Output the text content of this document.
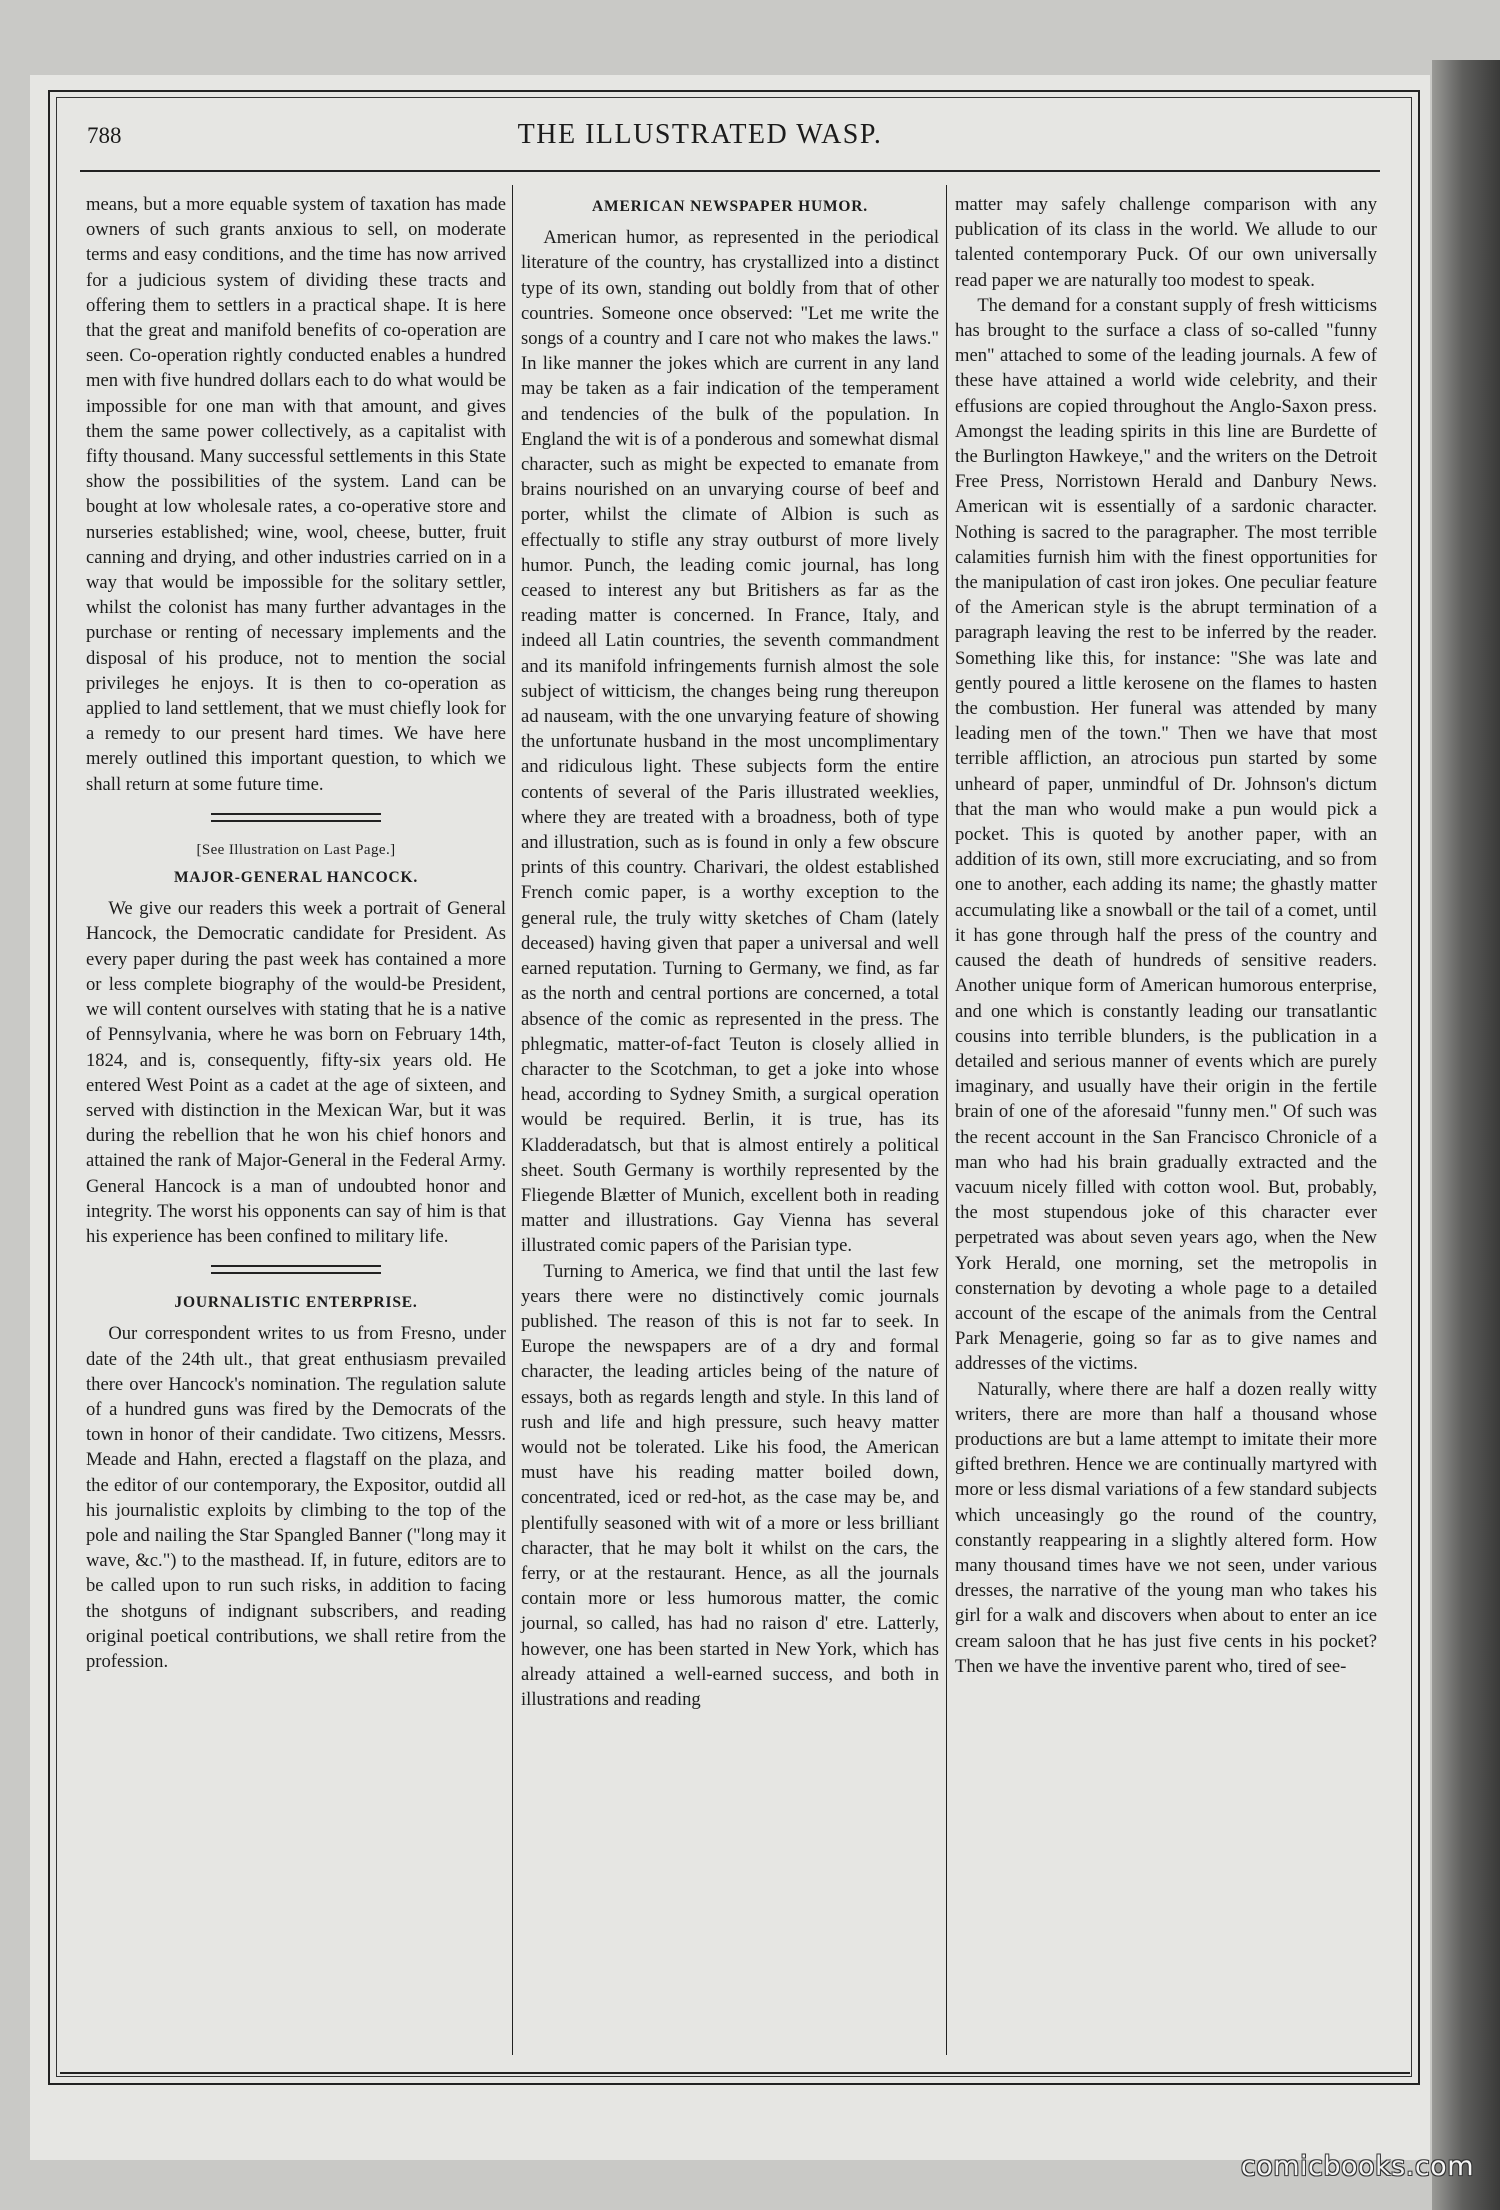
788	THE ILLUSTRATED WASP.

means, but a more equable system of taxation has made owners of such grants anxious to sell, on moderate terms and easy conditions, and the time has now arrived for a judicious system of dividing these tracts and offering them to settlers in a practical shape. It is here that the great and manifold benefits of co-operation are seen. Co-operation rightly conducted enables a hundred men with five hundred dollars each to do what would be impossible for one man with that amount, and gives them the same power collectively, as a capitalist with fifty thousand. Many successful settlements in this State show the possibilities of the system. Land can be bought at low wholesale rates, a co-operative store and nurseries established; wine, wool, cheese, butter, fruit canning and drying, and other industries carried on in a way that would be impossible for the solitary settler, whilst the colonist has many further advantages in the purchase or renting of necessary implements and the disposal of his produce, not to mention the social privileges he enjoys. It is then to co-operation as applied to land settlement, that we must chiefly look for a remedy to our present hard times. We have here merely outlined this important question, to which we shall return at some future time.

[See Illustration on Last Page.]
MAJOR-GENERAL HANCOCK.

We give our readers this week a portrait of General Hancock, the Democratic candidate for President. As every paper during the past week has contained a more or less complete biography of the would-be President, we will content ourselves with stating that he is a native of Pennsylvania, where he was born on February 14th, 1824, and is, consequently, fifty-six years old. He entered West Point as a cadet at the age of sixteen, and served with distinction in the Mexican War, but it was during the rebellion that he won his chief honors and attained the rank of Major-General in the Federal Army. General Hancock is a man of undoubted honor and integrity. The worst his opponents can say of him is that his experience has been confined to military life.

JOURNALISTIC ENTERPRISE.

Our correspondent writes to us from Fresno, under date of the 24th ult., that great enthusiasm prevailed there over Hancock's nomination. The regulation salute of a hundred guns was fired by the Democrats of the town in honor of their candidate. Two citizens, Messrs. Meade and Hahn, erected a flagstaff on the plaza, and the editor of our contemporary, the Expositor, outdid all his journalistic exploits by climbing to the top of the pole and nailing the Star Spangled Banner ("long may it wave, &c.") to the masthead. If, in future, editors are to be called upon to run such risks, in addition to facing the shotguns of indignant subscribers, and reading original poetical contributions, we shall retire from the profession.

AMERICAN NEWSPAPER HUMOR.

American humor, as represented in the periodical literature of the country, has crystallized into a distinct type of its own, standing out boldly from that of other countries. Someone once observed: "Let me write the songs of a country and I care not who makes the laws." In like manner the jokes which are current in any land may be taken as a fair indication of the temperament and tendencies of the bulk of the population. In England the wit is of a ponderous and somewhat dismal character, such as might be expected to emanate from brains nourished on an unvarying course of beef and porter, whilst the climate of Albion is such as effectually to stifle any stray outburst of more lively humor. Punch, the leading comic journal, has long ceased to interest any but Britishers as far as the reading matter is concerned. In France, Italy, and indeed all Latin countries, the seventh commandment and its manifold infringements furnish almost the sole subject of witticism, the changes being rung thereupon ad nauseam, with the one unvarying feature of showing the unfortunate husband in the most uncomplimentary and ridiculous light. These subjects form the entire contents of several of the Paris illustrated weeklies, where they are treated with a broadness, both of type and illustration, such as is found in only a few obscure prints of this country. Charivari, the oldest established French comic paper, is a worthy exception to the general rule, the truly witty sketches of Cham (lately deceased) having given that paper a universal and well earned reputation. Turning to Germany, we find, as far as the north and central portions are concerned, a total absence of the comic as represented in the press. The phlegmatic, matter-of-fact Teuton is closely allied in character to the Scotchman, to get a joke into whose head, according to Sydney Smith, a surgical operation would be required. Berlin, it is true, has its Kladderadatsch, but that is almost entirely a political sheet. South Germany is worthily represented by the Fliegende Blætter of Munich, excellent both in reading matter and illustrations. Gay Vienna has several illustrated comic papers of the Parisian type.

Turning to America, we find that until the last few years there were no distinctively comic journals published. The reason of this is not far to seek. In Europe the newspapers are of a dry and formal character, the leading articles being of the nature of essays, both as regards length and style. In this land of rush and life and high pressure, such heavy matter would not be tolerated. Like his food, the American must have his reading matter boiled down, concentrated, iced or red-hot, as the case may be, and plentifully seasoned with wit of a more or less brilliant character, that he may bolt it whilst on the cars, the ferry, or at the restaurant. Hence, as all the journals contain more or less humorous matter, the comic journal, so called, has had no raison d' etre. Latterly, however, one has been started in New York, which has already attained a well-earned success, and both in illustrations and reading

matter may safely challenge comparison with any publication of its class in the world. We allude to our talented contemporary Puck. Of our own universally read paper we are naturally too modest to speak.

The demand for a constant supply of fresh witticisms has brought to the surface a class of so-called "funny men" attached to some of the leading journals. A few of these have attained a world wide celebrity, and their effusions are copied throughout the Anglo-Saxon press. Amongst the leading spirits in this line are Burdette of the Burlington Hawkeye," and the writers on the Detroit Free Press, Norristown Herald and Danbury News. American wit is essentially of a sardonic character. Nothing is sacred to the paragrapher. The most terrible calamities furnish him with the finest opportunities for the manipulation of cast iron jokes. One peculiar feature of the American style is the abrupt termination of a paragraph leaving the rest to be inferred by the reader. Something like this, for instance: "She was late and gently poured a little kerosene on the flames to hasten the combustion. Her funeral was attended by many leading men of the town." Then we have that most terrible affliction, an atrocious pun started by some unheard of paper, unmindful of Dr. Johnson's dictum that the man who would make a pun would pick a pocket. This is quoted by another paper, with an addition of its own, still more excruciating, and so from one to another, each adding its name; the ghastly matter accumulating like a snowball or the tail of a comet, until it has gone through half the press of the country and caused the death of hundreds of sensitive readers. Another unique form of American humorous enterprise, and one which is constantly leading our transatlantic cousins into terrible blunders, is the publication in a detailed and serious manner of events which are purely imaginary, and usually have their origin in the fertile brain of one of the aforesaid "funny men." Of such was the recent account in the San Francisco Chronicle of a man who had his brain gradually extracted and the vacuum nicely filled with cotton wool. But, probably, the most stupendous joke of this character ever perpetrated was about seven years ago, when the New York Herald, one morning, set the metropolis in consternation by devoting a whole page to a detailed account of the escape of the animals from the Central Park Menagerie, going so far as to give names and addresses of the victims.

Naturally, where there are half a dozen really witty writers, there are more than half a thousand whose productions are but a lame attempt to imitate their more gifted brethren. Hence we are continually martyred with more or less dismal variations of a few standard subjects which unceasingly go the round of the country, constantly reappearing in a slightly altered form. How many thousand times have we not seen, under various dresses, the narrative of the young man who takes his girl for a walk and discovers when about to enter an ice cream saloon that he has just five cents in his pocket? Then we have the inventive parent who, tired of see-

comicbooks.com
